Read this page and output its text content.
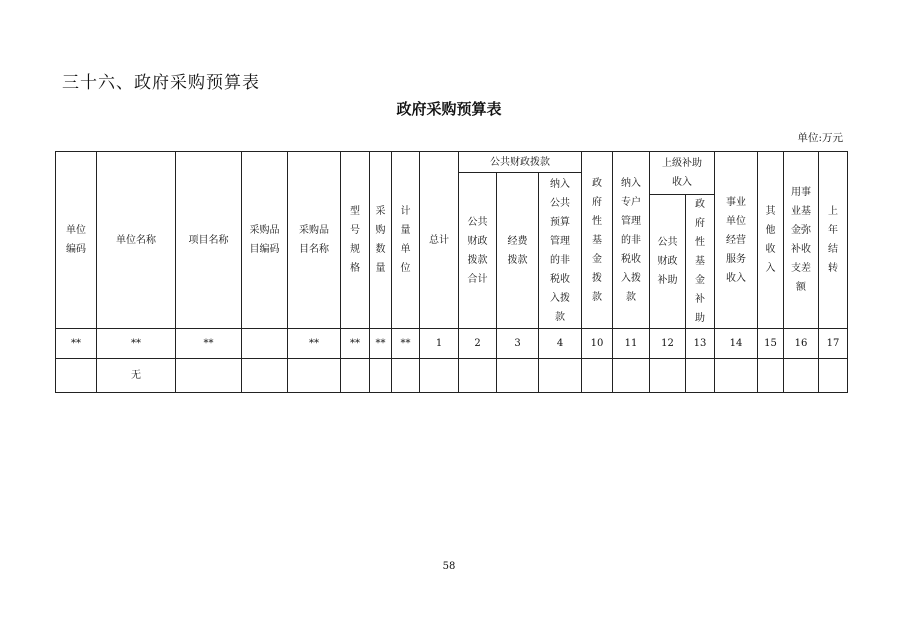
三十六、政府采购预算表
政府采购预算表
单位:万元
单位编码	单位名称	项目名称	采购品目编码	采购品目名称	型号规格	采购数量	计量单位	总计	公共财政拨款			政府性基金拨款	纳入专户管理的非税收入拨款	上级补助收入		事业单位经营服务收入	其他收入	用事业基金弥补收支差额	上年结转
									公共财政拨款合计	经费拨款	纳入公共预算管理的非税收入拨款								
														公共财政补助	政府性基金补助				
**	**	**		**	**	**	**	1	2	3	4	10	11	12	13	14	15	16	17
	无																		
58
